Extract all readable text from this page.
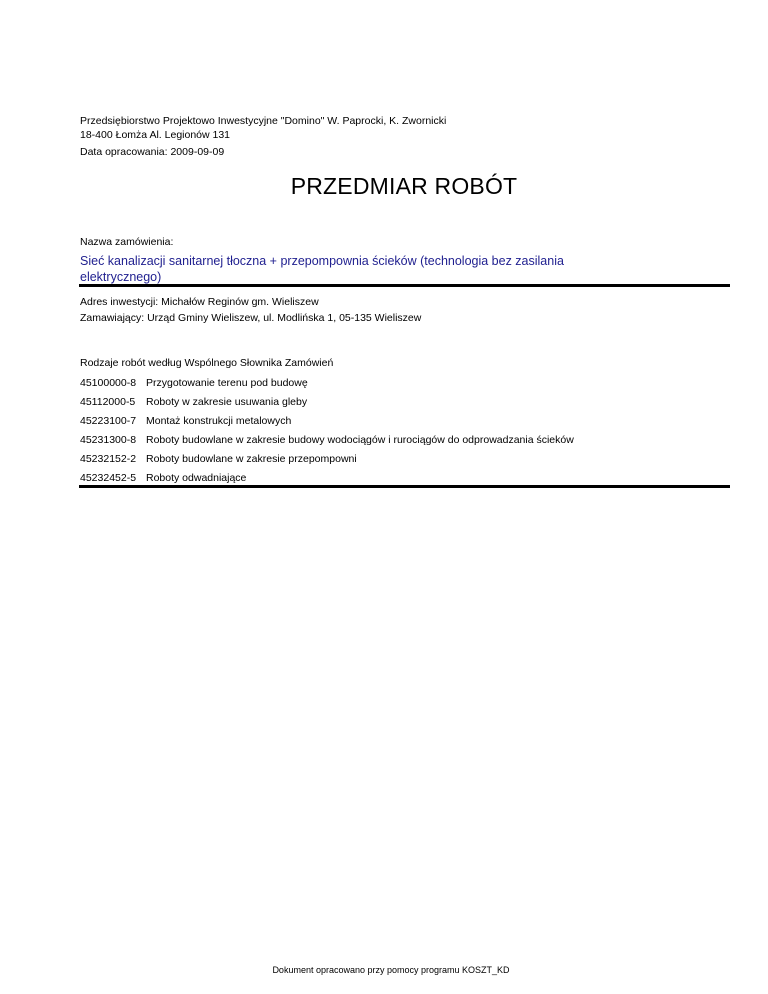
Przedsiębiorstwo Projektowo Inwestycyjne "Domino" W. Paprocki, K. Zwornicki
18-400 Łomża Al. Legionów 131
Data opracowania: 2009-09-09
PRZEDMIAR ROBÓT
Nazwa zamówienia:
Sieć kanalizacji sanitarnej tłoczna + przepompownia ścieków (technologia bez zasilania elektrycznego)
Adres inwestycji: Michałów Reginów gm. Wieliszew
Zamawiający: Urząd Gminy Wieliszew, ul. Modlińska 1, 05-135 Wieliszew
Rodzaje robót według Wspólnego Słownika Zamówień
45100000-8 Przygotowanie terenu pod budowę
45112000-5 Roboty w zakresie usuwania gleby
45223100-7 Montaż konstrukcji metalowych
45231300-8 Roboty budowlane w zakresie budowy wodociągów i rurociągów do odprowadzania ścieków
45232152-2 Roboty budowlane w zakresie przepompowni
45232452-5 Roboty odwadniające
Dokument opracowano przy pomocy programu KOSZT_KD
